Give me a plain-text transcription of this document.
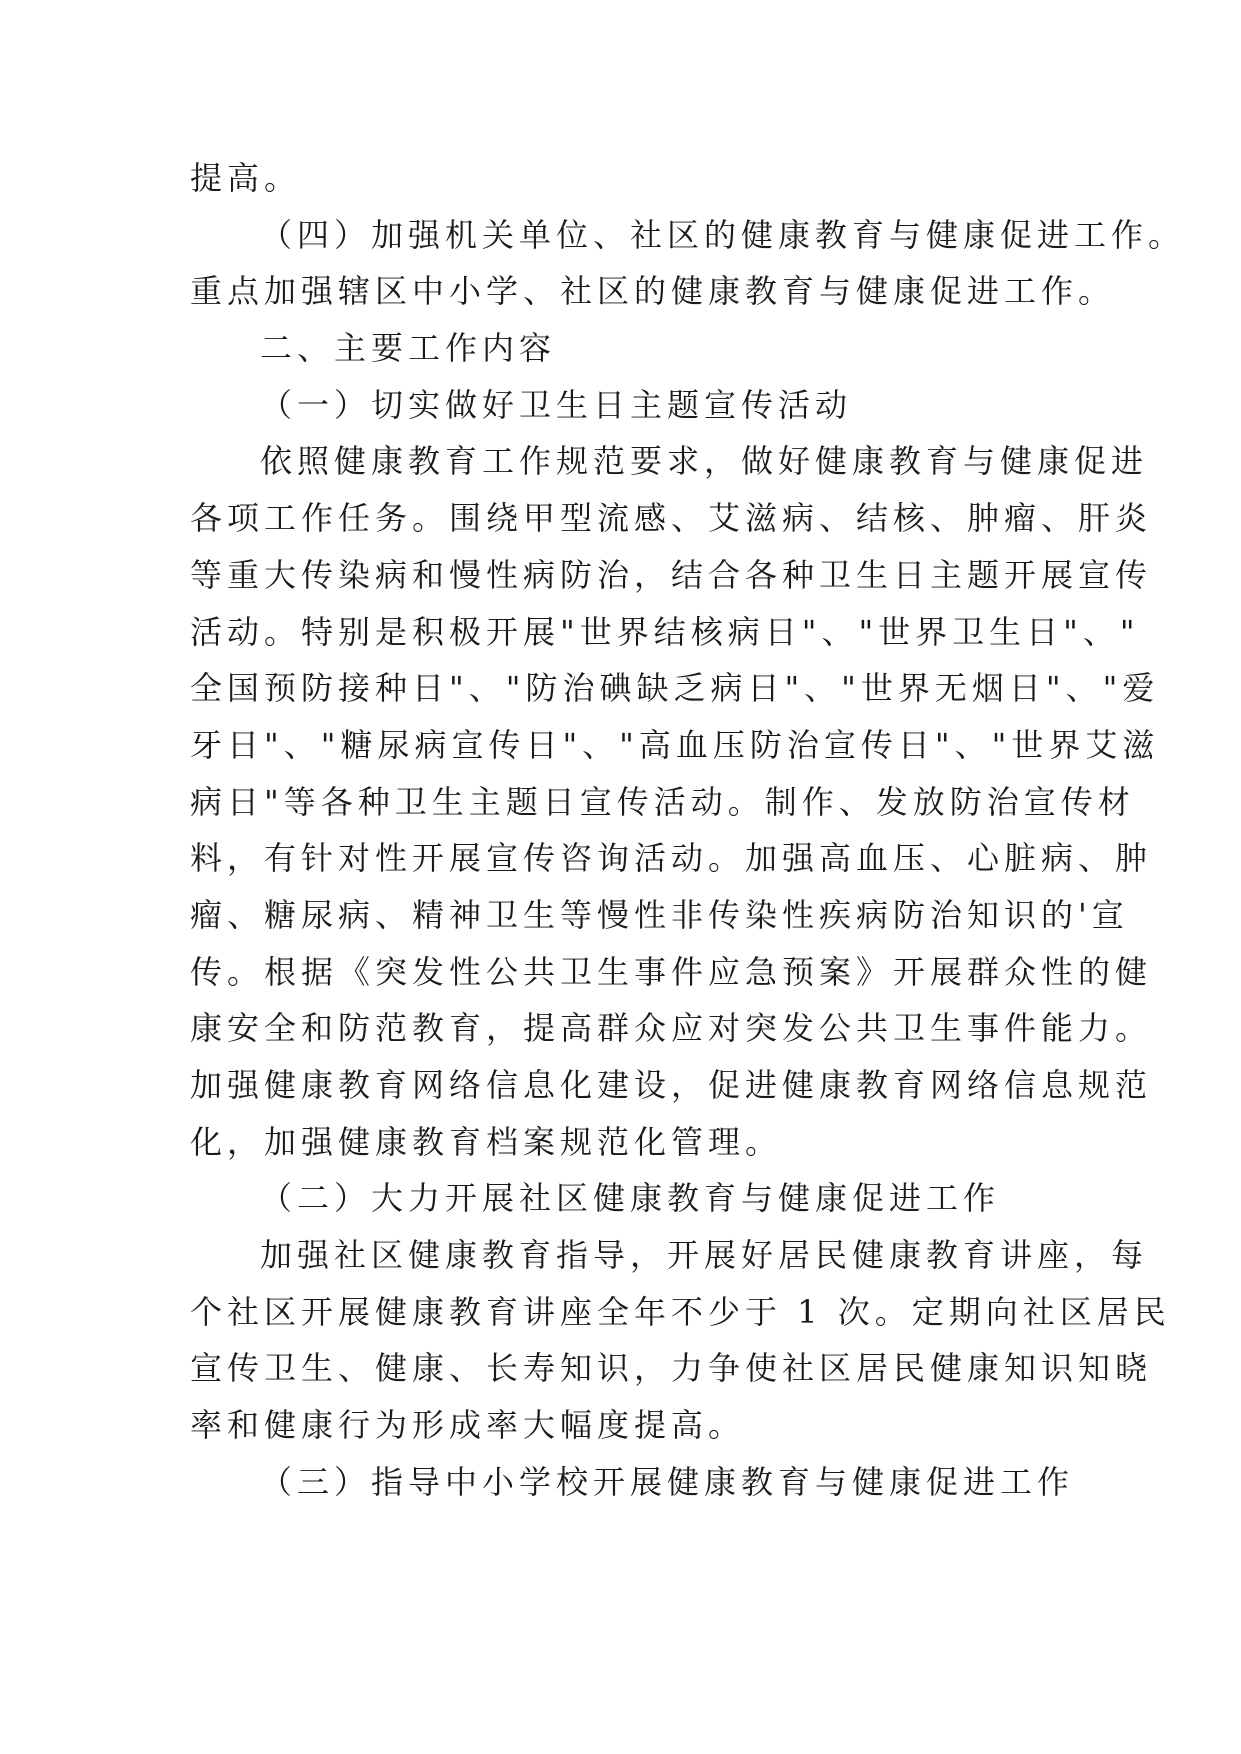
提高。
（四）加强机关单位、社区的健康教育与健康促进工作。
重点加强辖区中小学、社区的健康教育与健康促进工作。
二、主要工作内容
（一）切实做好卫生日主题宣传活动
依照健康教育工作规范要求，做好健康教育与健康促进
各项工作任务。围绕甲型流感、艾滋病、结核、肿瘤、肝炎
等重大传染病和慢性病防治，结合各种卫生日主题开展宣传
活动。特别是积极开展"世界结核病日"、"世界卫生日"、"
全国预防接种日"、"防治碘缺乏病日"、"世界无烟日"、"爱
牙日"、"糖尿病宣传日"、"高血压防治宣传日"、"世界艾滋
病日"等各种卫生主题日宣传活动。制作、发放防治宣传材
料，有针对性开展宣传咨询活动。加强高血压、心脏病、肿
瘤、糖尿病、精神卫生等慢性非传染性疾病防治知识的'宣
传。根据《突发性公共卫生事件应急预案》开展群众性的健
康安全和防范教育，提高群众应对突发公共卫生事件能力。
加强健康教育网络信息化建设，促进健康教育网络信息规范
化，加强健康教育档案规范化管理。
（二）大力开展社区健康教育与健康促进工作
加强社区健康教育指导，开展好居民健康教育讲座，每
个社区开展健康教育讲座全年不少于 1 次。定期向社区居民
宣传卫生、健康、长寿知识，力争使社区居民健康知识知晓
率和健康行为形成率大幅度提高。
（三）指导中小学校开展健康教育与健康促进工作
